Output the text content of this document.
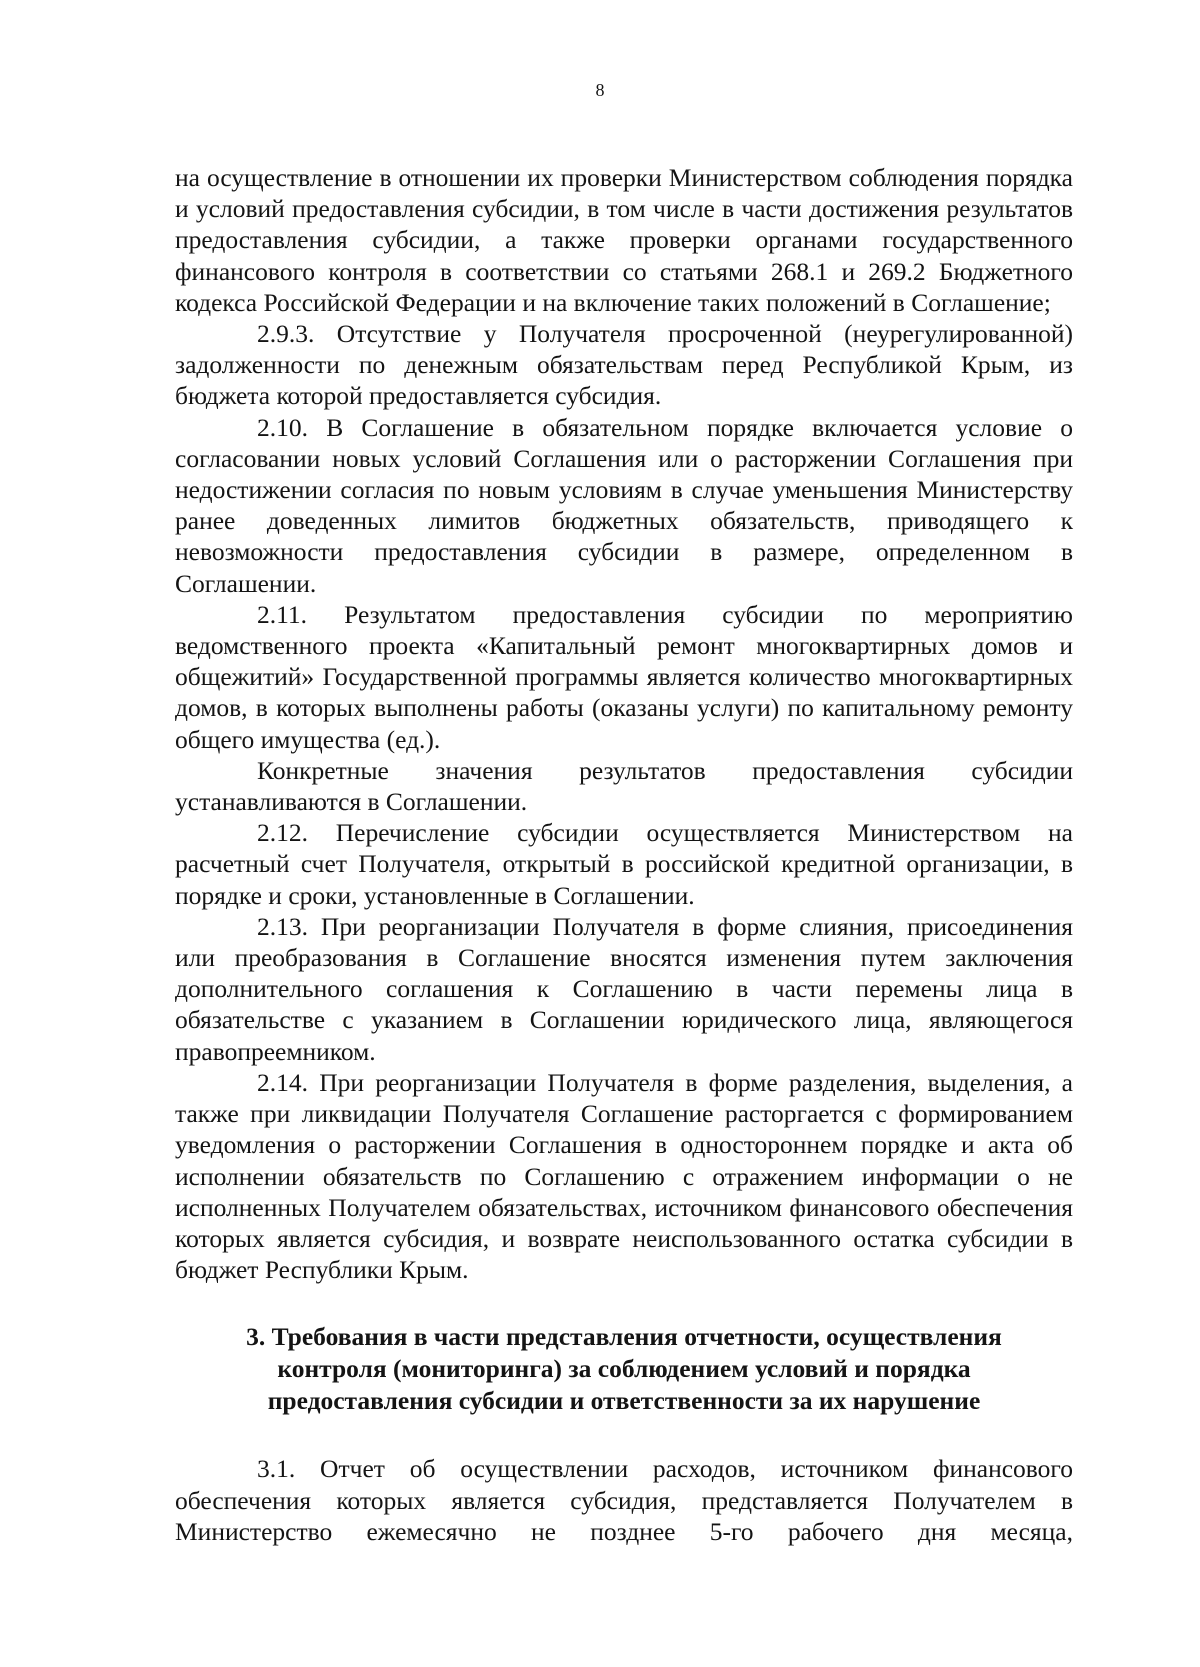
8

на осуществление в отношении их проверки Министерством соблюдения порядка и условий предоставления субсидии, в том числе в части достижения результатов предоставления субсидии, а также проверки органами государственного финансового контроля в соответствии со статьями 268.1 и 269.2 Бюджетного кодекса Российской Федерации и на включение таких положений в Соглашение;

2.9.3. Отсутствие у Получателя просроченной (неурегулированной) задолженности по денежным обязательствам перед Республикой Крым, из бюджета которой предоставляется субсидия.

2.10. В Соглашение в обязательном порядке включается условие о согласовании новых условий Соглашения или о расторжении Соглашения при недостижении согласия по новым условиям в случае уменьшения Министерству ранее доведенных лимитов бюджетных обязательств, приводящего к невозможности предоставления субсидии в размере, определенном в Соглашении.

2.11. Результатом предоставления субсидии по мероприятию ведомственного проекта «Капитальный ремонт многоквартирных домов и общежитий» Государственной программы является количество многоквартирных домов, в которых выполнены работы (оказаны услуги) по капитальному ремонту общего имущества (ед.).

Конкретные значения результатов предоставления субсидии устанавливаются в Соглашении.

2.12. Перечисление субсидии осуществляется Министерством на расчетный счет Получателя, открытый в российской кредитной организации, в порядке и сроки, установленные в Соглашении.

2.13. При реорганизации Получателя в форме слияния, присоединения или преобразования в Соглашение вносятся изменения путем заключения дополнительного соглашения к Соглашению в части перемены лица в обязательстве с указанием в Соглашении юридического лица, являющегося правопреемником.

2.14. При реорганизации Получателя в форме разделения, выделения, а также при ликвидации Получателя Соглашение расторгается с формированием уведомления о расторжении Соглашения в одностороннем порядке и акта об исполнении обязательств по Соглашению с отражением информации о не исполненных Получателем обязательствах, источником финансового обеспечения которых является субсидия, и возврате неиспользованного остатка субсидии в бюджет Республики Крым.

3. Требования в части представления отчетности, осуществления
контроля (мониторинга) за соблюдением условий и порядка
предоставления субсидии и ответственности за их нарушение

3.1. Отчет об осуществлении расходов, источником финансового обеспечения которых является субсидия, представляется Получателем в Министерство ежемесячно не позднее 5-го рабочего дня месяца,
